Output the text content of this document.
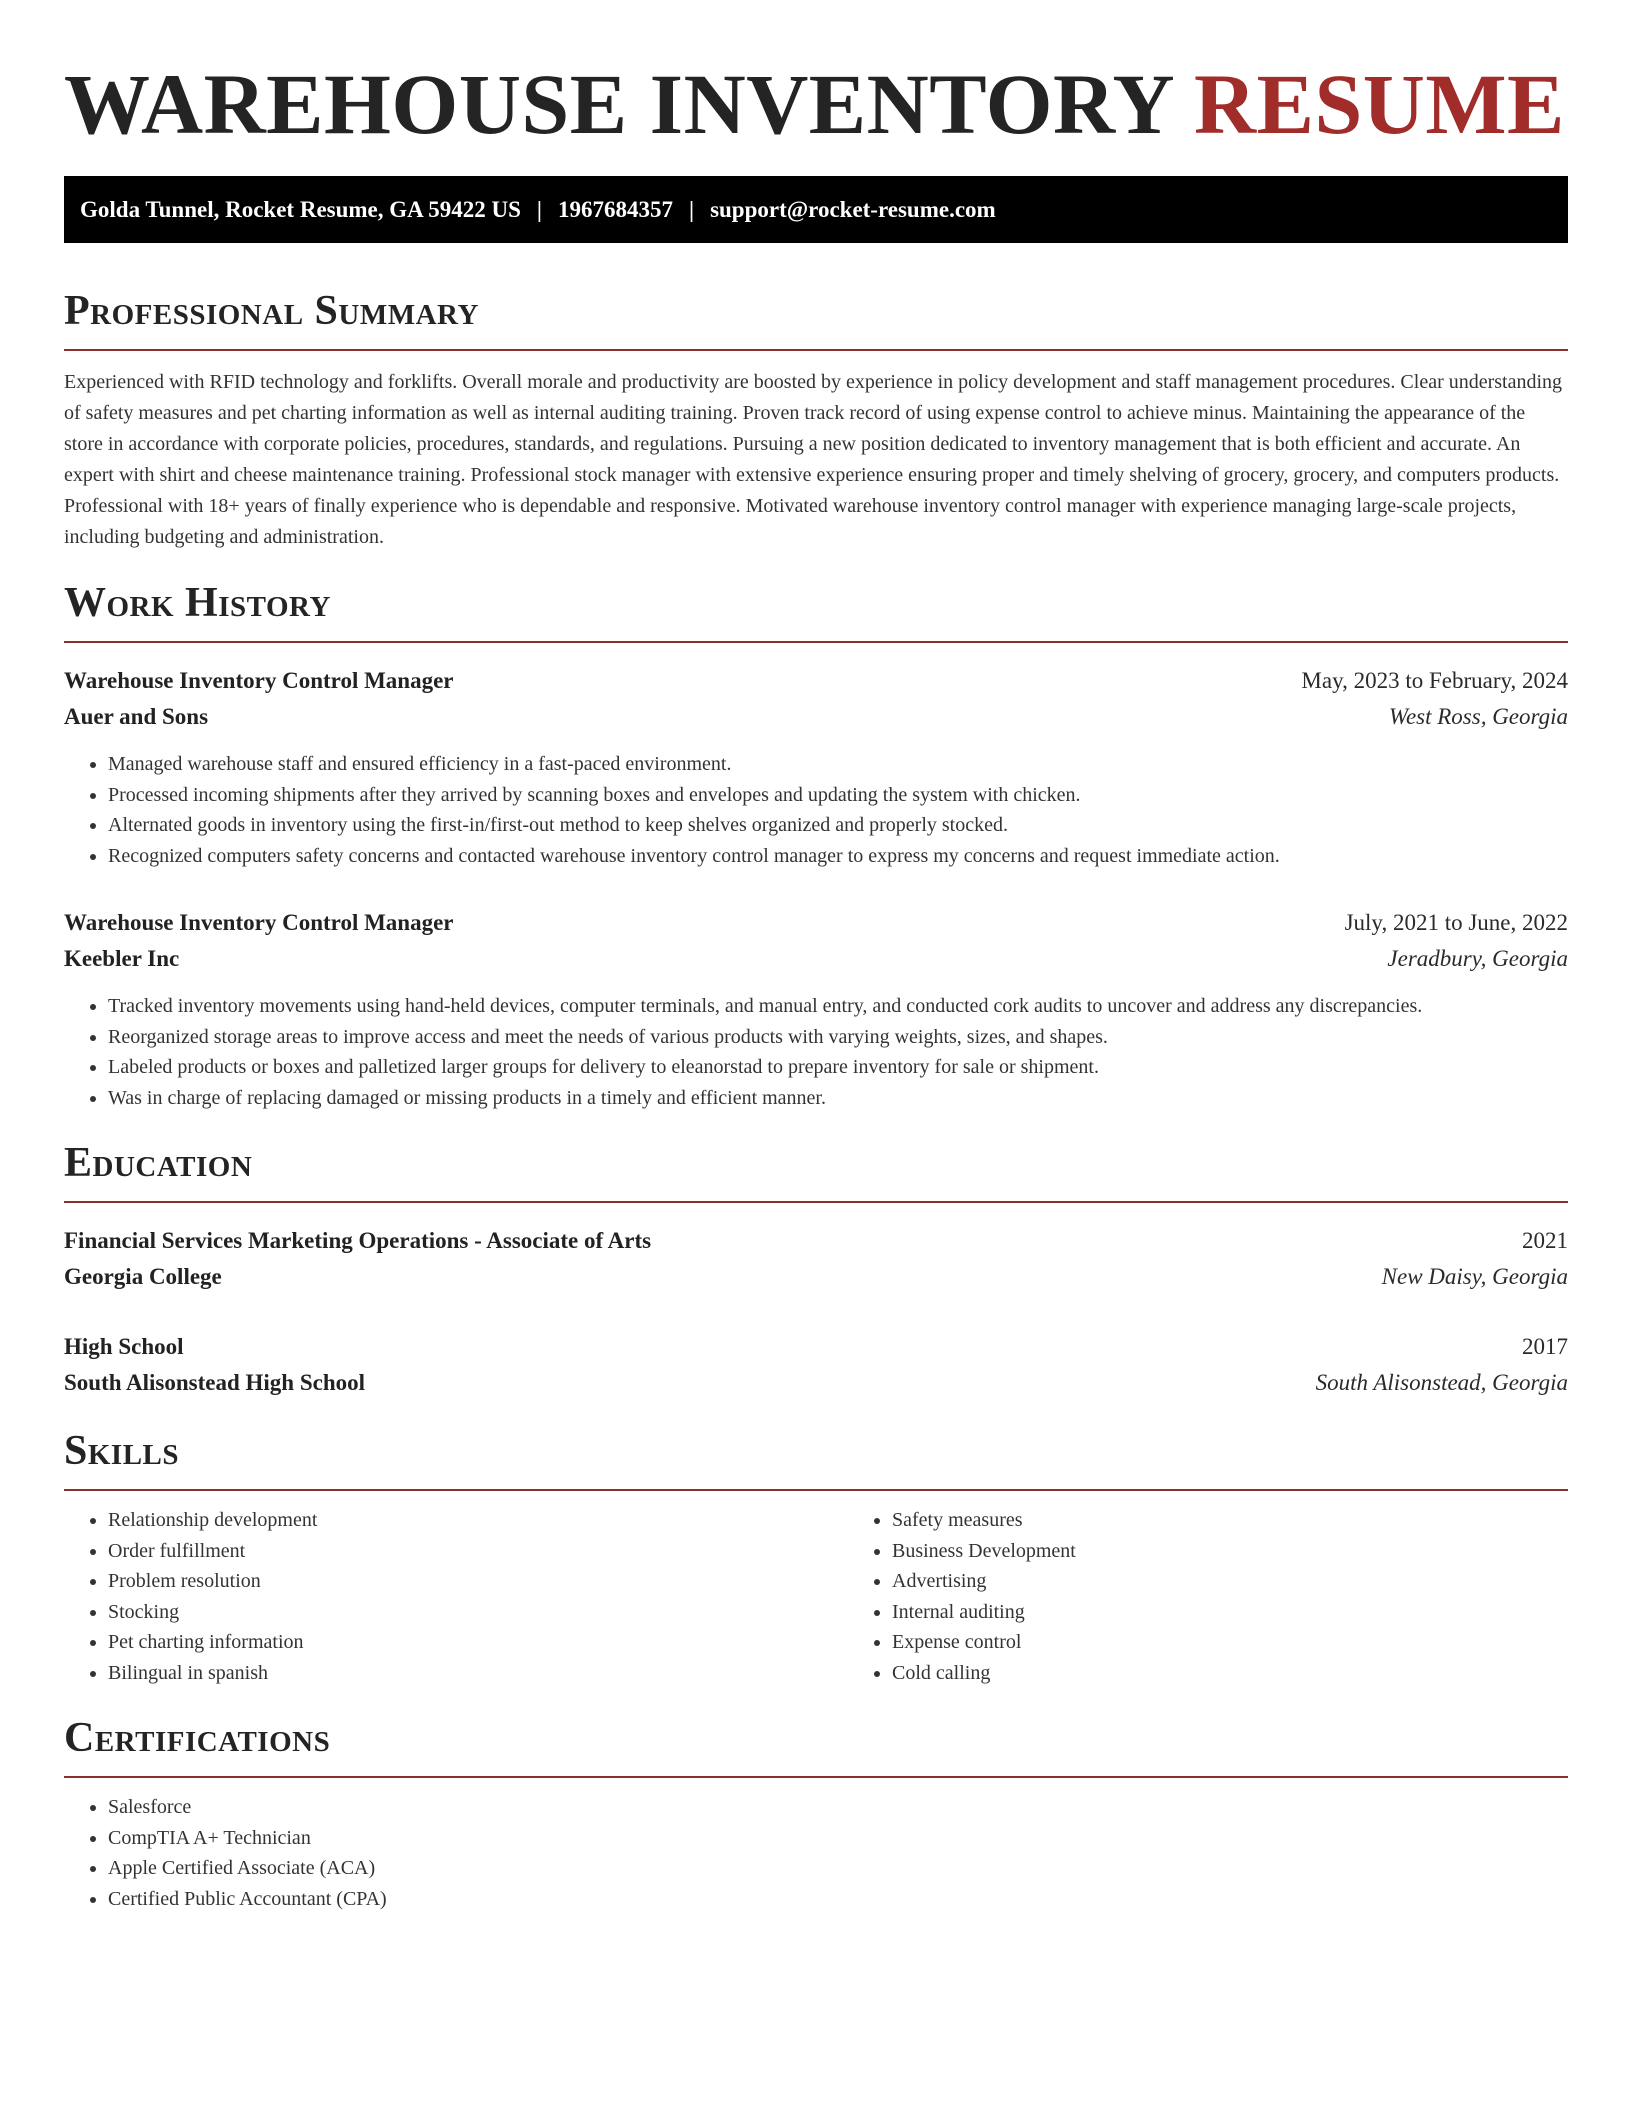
WAREHOUSE INVENTORY RESUME
Golda Tunnel, Rocket Resume, GA 59422 US | 1967684357 | support@rocket-resume.com
Professional Summary

Experienced with RFID technology and forklifts. Overall morale and productivity are boosted by experience in policy development and staff management procedures. Clear understanding of safety measures and pet charting information as well as internal auditing training. Proven track record of using expense control to achieve minus. Maintaining the appearance of the store in accordance with corporate policies, procedures, standards, and regulations. Pursuing a new position dedicated to inventory management that is both efficient and accurate. An expert with shirt and cheese maintenance training. Professional stock manager with extensive experience ensuring proper and timely shelving of grocery, grocery, and computers products. Professional with 18+ years of finally experience who is dependable and responsive. Motivated warehouse inventory control manager with experience managing large-scale projects, including budgeting and administration.

Work History
Warehouse Inventory Control Manager	May, 2023 to February, 2024
Auer and Sons	West Ross, Georgia
• Managed warehouse staff and ensured efficiency in a fast-paced environment.
• Processed incoming shipments after they arrived by scanning boxes and envelopes and updating the system with chicken.
• Alternated goods in inventory using the first-in/first-out method to keep shelves organized and properly stocked.
• Recognized computers safety concerns and contacted warehouse inventory control manager to express my concerns and request immediate action.
Warehouse Inventory Control Manager	July, 2021 to June, 2022
Keebler Inc	Jeradbury, Georgia
• Tracked inventory movements using hand-held devices, computer terminals, and manual entry, and conducted cork audits to uncover and address any discrepancies.
• Reorganized storage areas to improve access and meet the needs of various products with varying weights, sizes, and shapes.
• Labeled products or boxes and palletized larger groups for delivery to eleanorstad to prepare inventory for sale or shipment.
• Was in charge of replacing damaged or missing products in a timely and efficient manner.
Education
Financial Services Marketing Operations - Associate of Arts	2021
Georgia College	New Daisy, Georgia
High School	2017
South Alisonstead High School	South Alisonstead, Georgia
Skills
• Relationship development
• Order fulfillment
• Problem resolution
• Stocking
• Pet charting information
• Bilingual in spanish
• Safety measures
• Business Development
• Advertising
• Internal auditing
• Expense control
• Cold calling
Certifications
• Salesforce
• CompTIA A+ Technician
• Apple Certified Associate (ACA)
• Certified Public Accountant (CPA)
